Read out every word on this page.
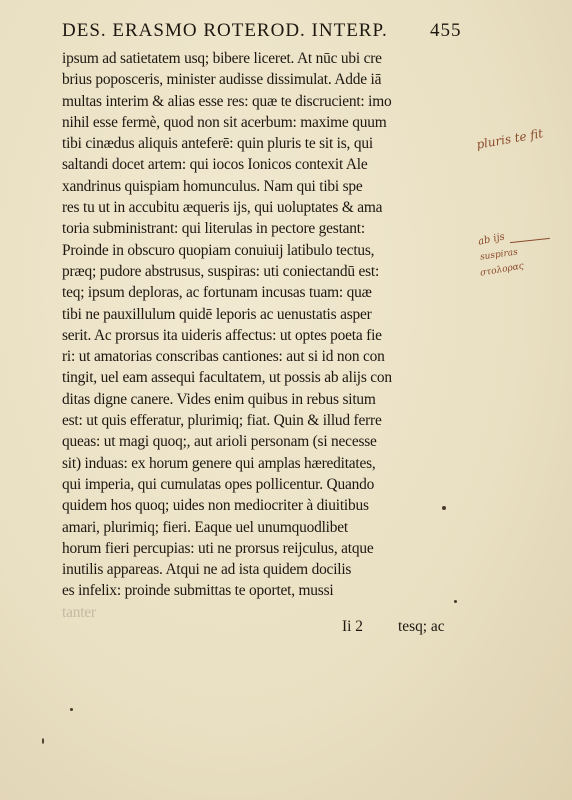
DES. ERASMO ROTEROD. INTERP. 455
ipsum ad satietatem usq; bibere liceret. At nūc ubi cre
brius poposceris, minister audisse dissimulat. Adde iā
multas interim & alias esse res: quæ te discrucient: imo
nihil esse fermè, quod non sit acerbum: maxime quum
tibi cinædus aliquis anteferē: quin pluris te sit is, qui
saltandi docet artem: qui iocos Ionicos contexit Ale
xandrinus quispiam homunculus. Nam qui tibi spe
res tu ut in accubitu æqueris ijs, qui uoluptates & ama
toria subministrant: qui literulas in pectore gestant:
Proinde in obscuro quopiam conuiuij latibulo tectus,
præq; pudore abstrusus, suspiras: uti coniectandū est:
teq; ipsum deploras, ac fortunam incusas tuam: quæ
tibi ne pauxillulum quidē leporis ac uenustatis asper
serit. Ac prorsus ita uideris affectus: ut optes poeta fie
ri: ut amatorias conscribas cantiones: aut si id non con
tingit, uel eam assequi facultatem, ut possis ab alijs con
ditas digne canere. Vides enim quibus in rebus situm
est: ut quis efferatur, plurimiq; fiat. Quin & illud ferre
queas: ut magi quoq;, aut arioli personam (si necesse
sit) induas: ex horum genere qui amplas hæreditates,
qui imperia, qui cumulatas opes pollicentur. Quando
quidem hos quoq; uides non mediocriter à diuitibus
amari, plurimiq; fieri. Eaque uel unumquodlibet
horum fieri percupias: uti ne prorsus reijculus, atque
inutilis appareas. Atqui ne ad ista quidem docilis
es infelix: proinde submittas te oportet, mussi
tanter
Ii 2 tesq; ac
pluris te fit
ab ijs
suspiras
στολορας
